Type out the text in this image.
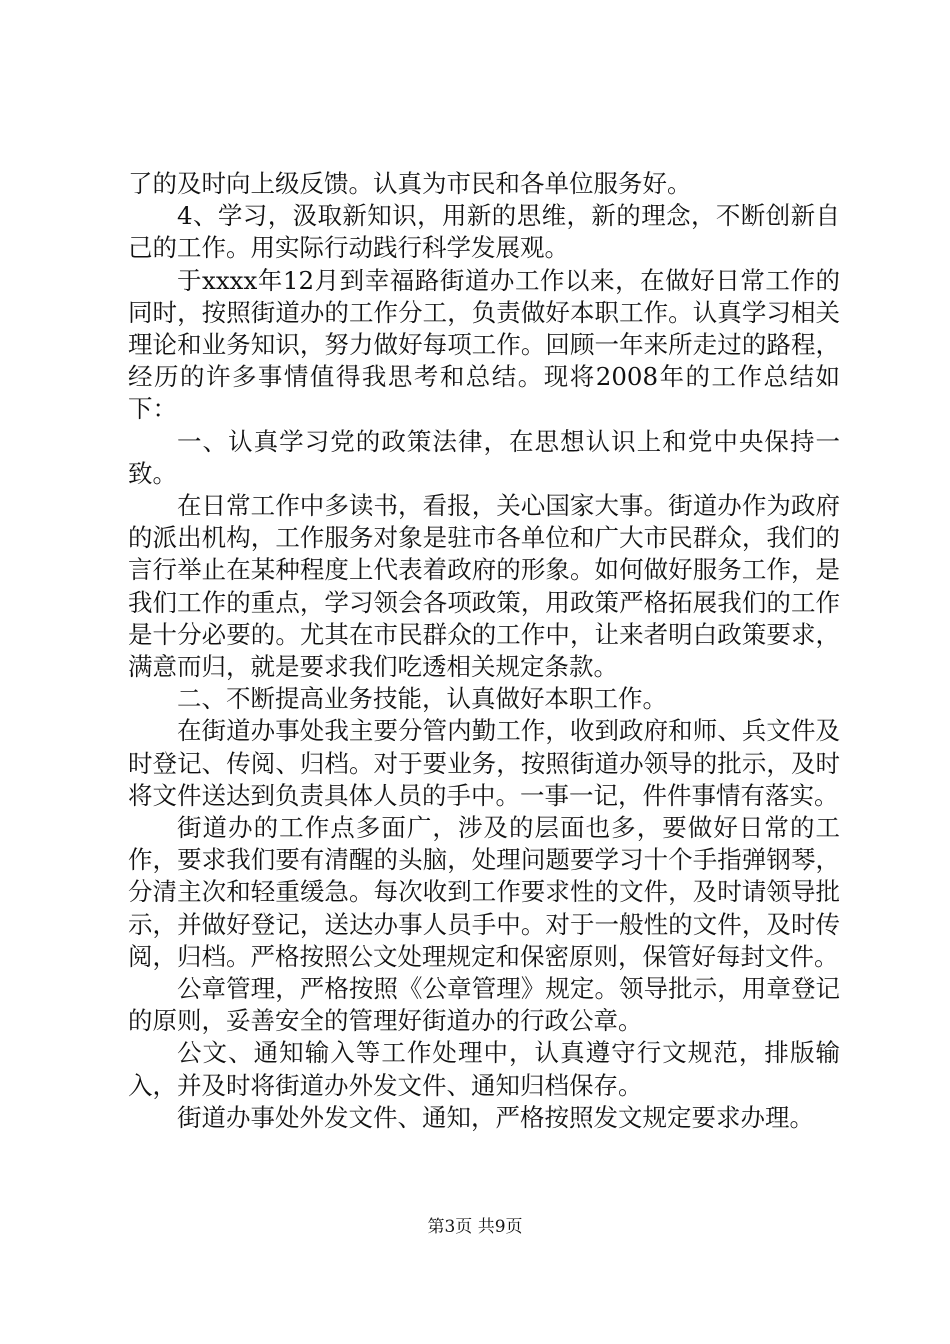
了的及时向上级反馈。认真为市民和各单位服务好。

4、学习，汲取新知识，用新的思维，新的理念，不断创新自己的工作。用实际行动践行科学发展观。

于xxxx年12月到幸福路街道办工作以来，在做好日常工作的同时，按照街道办的工作分工，负责做好本职工作。认真学习相关理论和业务知识，努力做好每项工作。回顾一年来所走过的路程，经历的许多事情值得我思考和总结。现将2008年的工作总结如下：

一、认真学习党的政策法律，在思想认识上和党中央保持一致。

在日常工作中多读书，看报，关心国家大事。街道办作为政府的派出机构，工作服务对象是驻市各单位和广大市民群众，我们的言行举止在某种程度上代表着政府的形象。如何做好服务工作，是我们工作的重点，学习领会各项政策，用政策严格拓展我们的工作是十分必要的。尤其在市民群众的工作中，让来者明白政策要求，满意而归，就是要求我们吃透相关规定条款。

二、不断提高业务技能，认真做好本职工作。

在街道办事处我主要分管内勤工作，收到政府和师、兵文件及时登记、传阅、归档。对于要业务，按照街道办领导的批示，及时将文件送达到负责具体人员的手中。一事一记，件件事情有落实。

街道办的工作点多面广，涉及的层面也多，要做好日常的工作，要求我们要有清醒的头脑，处理问题要学习十个手指弹钢琴，分清主次和轻重缓急。每次收到工作要求性的文件，及时请领导批示，并做好登记，送达办事人员手中。对于一般性的文件，及时传阅，归档。严格按照公文处理规定和保密原则，保管好每封文件。

公章管理，严格按照《公章管理》规定。领导批示，用章登记的原则，妥善安全的管理好街道办的行政公章。

公文、通知输入等工作处理中，认真遵守行文规范，排版输入，并及时将街道办外发文件、通知归档保存。

街道办事处外发文件、通知，严格按照发文规定要求办理。

第3页 共9页
